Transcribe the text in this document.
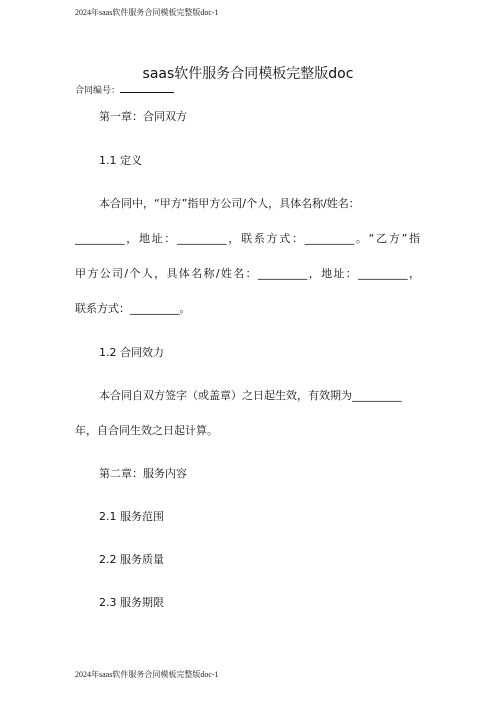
2024年saas软件服务合同模板完整版doc-1
saas软件服务合同模板完整版doc
合同编号：
第一章：合同双方
1.1 定义
本合同中，“甲方”指甲方公司/个人，具体名称/姓名：
_________，地址：_________，联系方式：_________。“乙方”指
甲方公司/个人，具体名称/姓名：_________，地址：_________，
联系方式：_________。
1.2 合同效力
本合同自双方签字（或盖章）之日起生效，有效期为_________
年，自合同生效之日起计算。
第二章：服务内容
2.1 服务范围
2.2 服务质量
2.3 服务期限
2024年saas软件服务合同模板完整版doc-1
